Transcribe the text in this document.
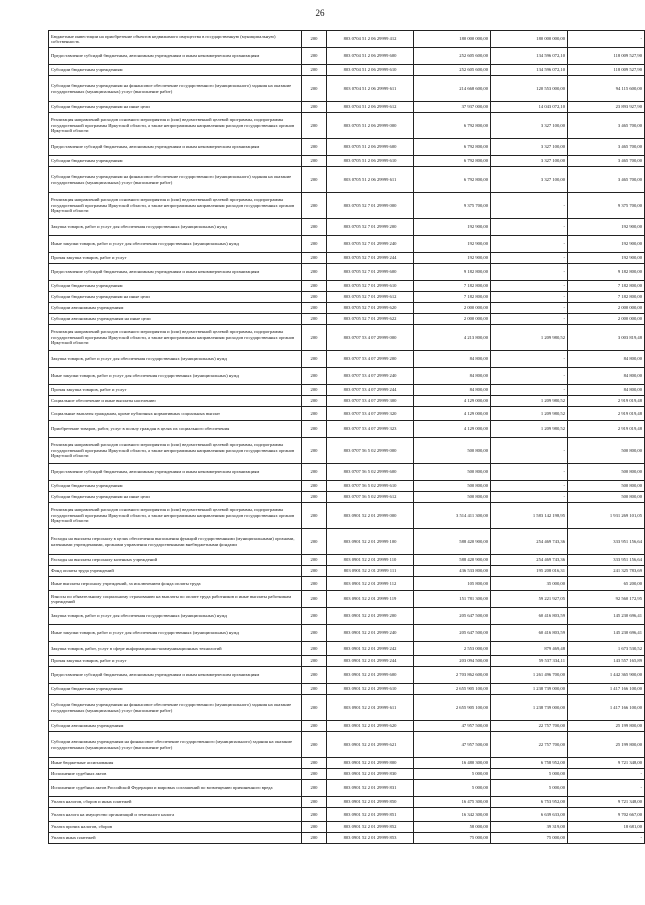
26
Бюджетные инвестиции на приобретение объектов недвижимого имущества в государственную (муниципальную) собственность	200	803 0704 51 2 06 29999 412	180 000 000,00	180 000 000,00	-
Предоставление субсидий бюджетным, автономным учреждениям и иным некоммерческим организациям	200	803 0704 51 2 06 29999 600	252 605 600,00	134 596 072,10	118 009 527,90
Субсидии бюджетным учреждениям	200	803 0704 51 2 06 29999 610	252 605 600,00	134 596 072,10	118 009 527,90
Субсидии бюджетным учреждениям на финансовое обеспечение государственного (муниципального) задания на оказание государственных (муниципальных) услуг (выполнение работ)	200	803 0704 51 2 06 29999 611	214 668 600,00	120 553 000,00	94 115 600,00
Субсидии бюджетным учреждениям на иные цели	200	803 0704 51 2 06 29999 612	37 937 000,00	14 043 072,10	23 893 927,90
Реализация направлений расходов основного мероприятия и (или) ведомственной целевой программы, подпрограммы государственной программы Иркутской области, а также непрограммным направлениям расходов государственных органов Иркутской области	200	803 0705 51 2 06 29999 000	6 792 800,00	3 327 100,00	3 465 700,00
Предоставление субсидий бюджетным, автономным учреждениям и иным некоммерческим организациям	200	803 0705 51 2 06 29999 600	6 792 800,00	3 327 100,00	3 465 700,00
Субсидии бюджетным учреждениям	200	803 0705 51 2 06 29999 610	6 792 800,00	3 327 100,00	3 465 700,00
Субсидии бюджетным учреждениям на финансовое обеспечение государственного (муниципального) задания на оказание государственных (муниципальных) услуг (выполнение работ)	200	803 0705 51 2 06 29999 611	6 792 800,00	3 327 100,00	3 465 700,00
Реализация направлений расходов основного мероприятия и (или) ведомственной целевой программы, подпрограммы государственной программы Иркутской области, а также непрограммным направлениям расходов государственных органов Иркутской области	200	803 0705 52 7 01 29999 000	9 375 700,00	-	9 375 700,00
Закупка товаров, работ и услуг для обеспечения государственных (муниципальных) нужд	200	803 0705 52 7 01 29999 200	192 900,00	-	192 900,00
Иные закупки товаров, работ и услуг для обеспечения государственных (муниципальных) нужд	200	803 0705 52 7 01 29999 240	192 900,00	-	192 900,00
Прочая закупка товаров, работ и услуг	200	803 0705 52 7 01 29999 244	192 900,00	-	192 900,00
Предоставление субсидий бюджетным, автономным учреждениям и иным некоммерческим организациям	200	803 0705 52 7 01 29999 600	9 182 800,00	-	9 182 800,00
Субсидии бюджетным учреждениям	200	803 0705 52 7 01 29999 610	7 182 800,00	-	7 182 800,00
Субсидии бюджетным учреждениям на иные цели	200	803 0705 52 7 01 29999 612	7 182 800,00	-	7 182 800,00
Субсидии автономным учреждениям	200	803 0705 52 7 01 29999 620	2 000 000,00	-	2 000 000,00
Субсидии автономным учреждениям на иные цели	200	803 0705 52 7 01 29999 622	2 000 000,00	-	2 000 000,00
Реализация направлений расходов основного мероприятия и (или) ведомственной целевой программы, подпрограммы государственной программы Иркутской области, а также непрограммным направлениям расходов государственных органов Иркутской области	200	803 0707 53 4 07 29999 000	4 213 800,00	1 209 980,52	3 003 819,48
Закупка товаров, работ и услуг для обеспечения государственных (муниципальных) нужд	200	803 0707 53 4 07 29999 200	84 800,00	-	84 800,00
Иные закупки товаров, работ и услуг для обеспечения государственных (муниципальных) нужд	200	803 0707 53 4 07 29999 240	84 800,00	-	84 800,00
Прочая закупка товаров, работ и услуг	200	803 0707 53 4 07 29999 244	84 800,00	-	84 800,00
Социальное обеспечение и иные выплаты населению	200	803 0707 53 4 07 29999 300	4 129 000,00	1 209 980,52	2 919 019,48
Социальные выплаты гражданам, кроме публичных нормативных социальных выплат	200	803 0707 53 4 07 29999 320	4 129 000,00	1 209 980,52	2 919 019,48
Приобретение товаров, работ, услуг в пользу граждан в целях их социального обеспечения	200	803 0707 53 4 07 29999 323	4 129 000,00	1 209 980,52	2 919 019,48
Реализация направлений расходов основного мероприятия и (или) ведомственной целевой программы, подпрограммы государственной программы Иркутской области, а также непрограммным направлениям расходов государственных органов Иркутской области	200	803 0707 56 5 02 29999 000	500 800,00	-	500 800,00
Предоставление субсидий бюджетным, автономным учреждениям и иным некоммерческим организациям	200	803 0707 56 5 02 29999 600	500 800,00	-	500 800,00
Субсидии бюджетным учреждениям	200	803 0707 56 5 02 29999 610	500 800,00	-	500 800,00
Субсидии бюджетным учреждениям на иные цели	200	803 0707 56 5 02 29999 612	500 800,00	-	500 800,00
Реализация направлений расходов основного мероприятия и (или) ведомственной целевой программы, подпрограммы государственной программы Иркутской области, а также непрограммным направлениям расходов государственных органов Иркутской области	200	803 0901 52 2 01 29999 000	3 514 411 300,00	1 583 142 198,95	1 931 269 101,05
Расходы на выплаты персоналу в целях обеспечения выполнения функций государственными (муниципальными) органами, казенными учреждениями, органами управления государственными внебюджетными фондами	200	803 0901 52 2 01 29999 100	588 420 900,00	254 469 743,36	333 951 156,64
Расходы на выплаты персоналу казенных учреждений	200	803 0901 52 2 01 29999 110	588 420 900,00	254 469 743,36	333 951 156,64
Фонд оплаты труда учреждений	200	803 0901 52 2 01 29999 111	436 533 800,00	195 208 016,31	241 325 783,69
Иные выплаты персоналу учреждений, за исключением фонда оплаты труда	200	803 0901 52 2 01 29999 112	105 800,00	35 000,00	65 200,00
Взносы по обязательному социальному страхованию на выплаты по оплате труда работников и иные выплаты работникам учреждений	200	803 0901 52 2 01 29999 119	151 781 300,00	59 221 927,05	92 560 172,95
Закупка товаров, работ и услуг для обеспечения государственных (муниципальных) нужд	200	803 0901 52 2 01 29999 200	205 647 500,00	60 416 803,59	145 230 696,41
Иные закупки товаров, работ и услуг для обеспечения государственных (муниципальных) нужд	200	803 0901 52 2 01 29999 240	205 647 500,00	60 416 803,59	145 230 696,41
Закупка товаров, работ, услуг в сфере информационно-коммуникационных технологий	200	803 0901 52 2 01 29999 242	2 553 000,00	879 469,48	1 673 530,52
Прочая закупка товаров, работ и услуг	200	803 0901 52 2 01 29999 244	203 094 500,00	59 537 334,11	143 557 165,89
Предоставление субсидий бюджетным, автономным учреждениям и иным некоммерческим организациям	200	803 0901 52 2 01 29999 600	2 703 862 600,00	1 261 496 700,00	1 442 365 900,00
Субсидии бюджетным учреждениям	200	803 0901 52 2 01 29999 610	2 655 905 100,00	1 238 739 000,00	1 417 166 100,00
Субсидии бюджетным учреждениям на финансовое обеспечение государственного (муниципального) задания на оказание государственных (муниципальных) услуг (выполнение работ)	200	803 0901 52 2 01 29999 611	2 655 905 100,00	1 238 739 000,00	1 417 166 100,00
Субсидии автономным учреждениям	200	803 0901 52 2 01 29999 620	47 957 500,00	22 757 700,00	25 199 800,00
Субсидии автономным учреждениям на финансовое обеспечение государственного (муниципального) задания на оказание государственных (муниципальных) услуг (выполнение работ)	200	803 0901 52 2 01 29999 621	47 957 500,00	22 757 700,00	25 199 800,00
Иные бюджетные ассигнования	200	803 0901 52 2 01 29999 800	16 480 300,00	6 758 952,00	9 721 348,00
Исполнение судебных актов	200	803 0901 52 2 01 29999 830	5 000,00	5 000,00	-
Исполнение судебных актов Российской Федерации и мировых соглашений по возмещению причиненного вреда	200	803 0901 52 2 01 29999 831	5 000,00	5 000,00	-
Уплата налогов, сборов и иных платежей	200	803 0901 52 2 01 29999 850	16 475 300,00	6 753 952,00	9 721 348,00
Уплата налога на имущество организаций и земельного налога	200	803 0901 52 2 01 29999 851	16 342 300,00	6 639 633,00	9 702 667,00
Уплата прочих налогов, сборов	200	803 0901 52 2 01 29999 852	58 000,00	39 319,00	18 681,00
Уплата иных платежей	200	803 0901 52 2 01 29999 853	75 000,00	75 000,00	-
